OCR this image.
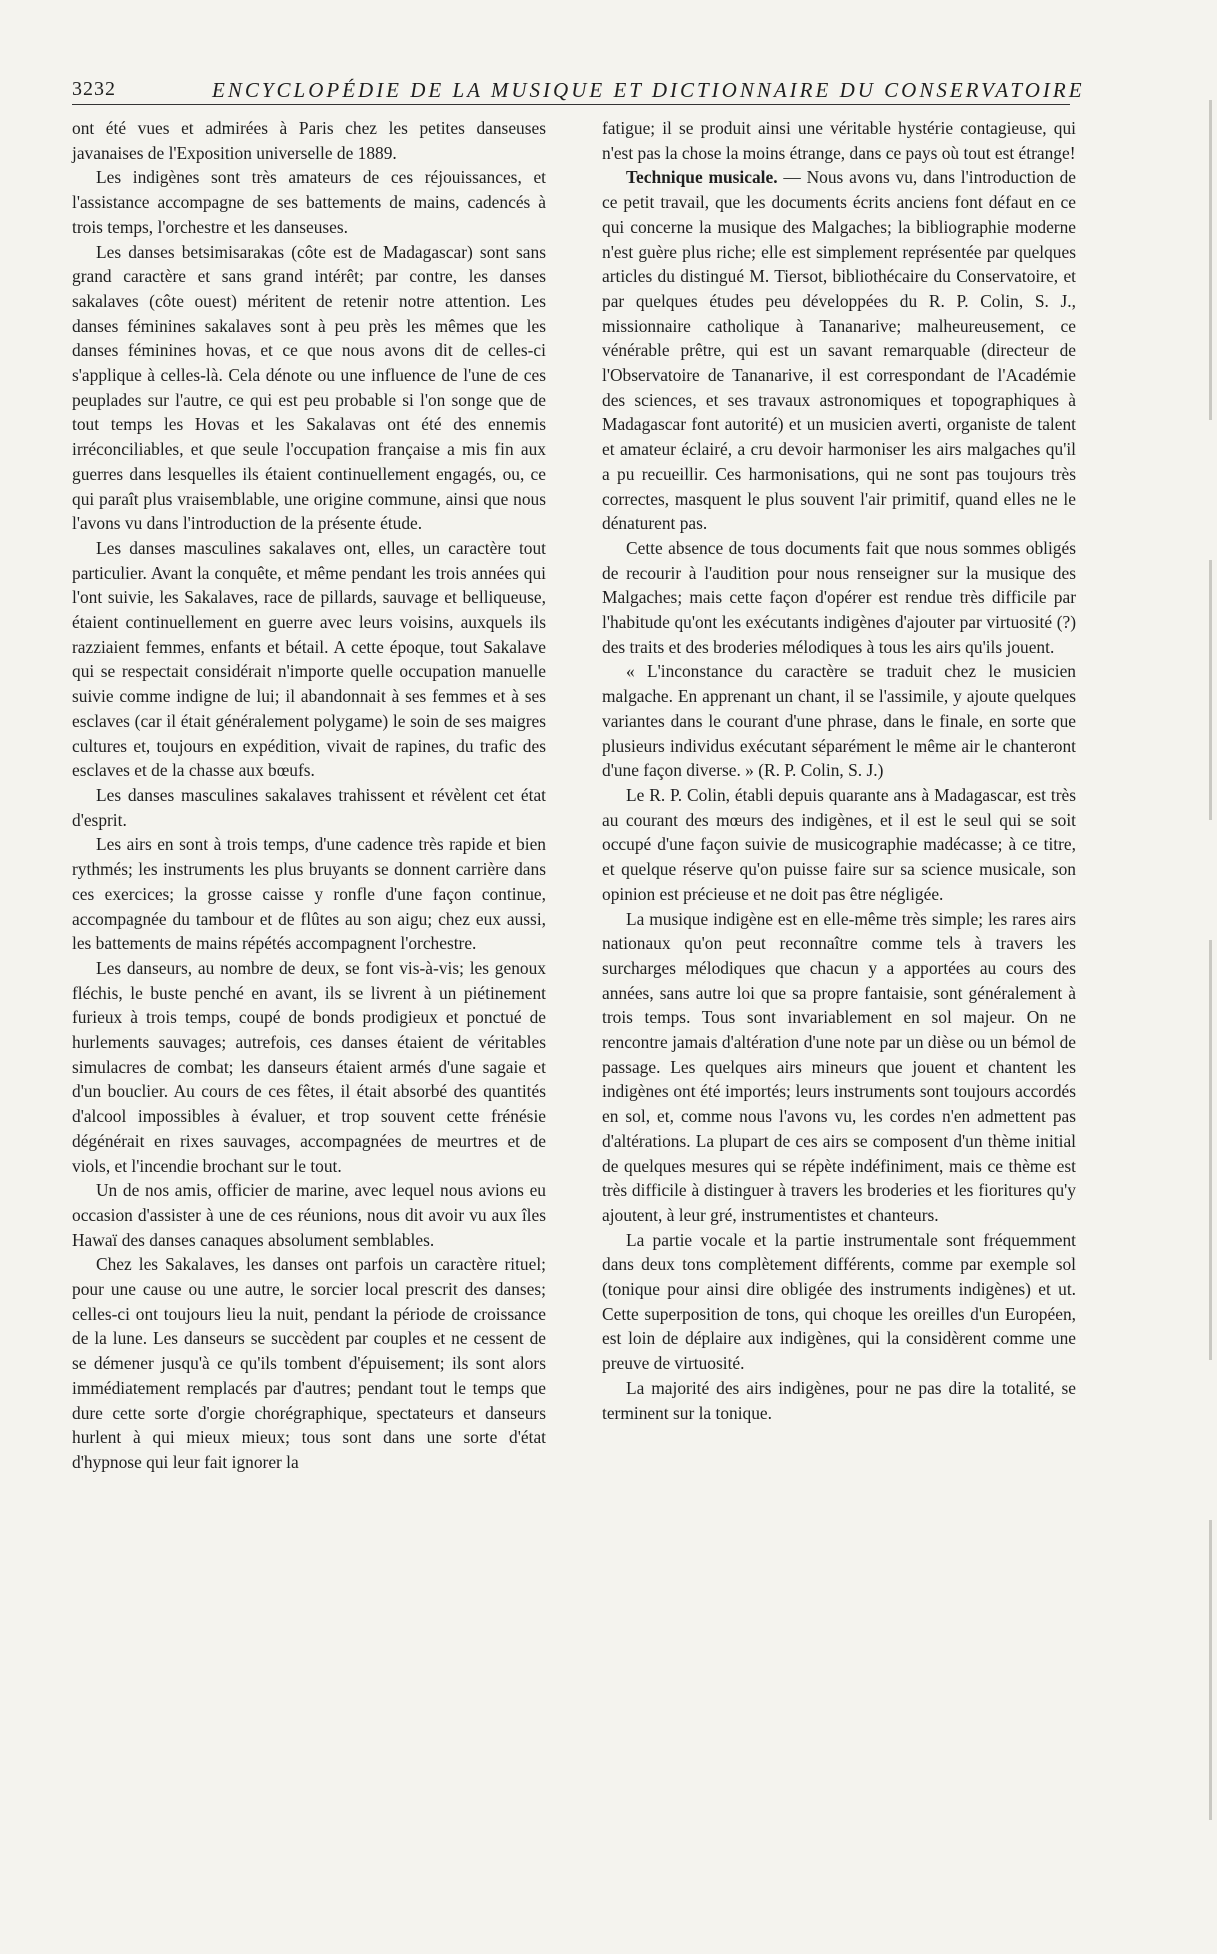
3232	ENCYCLOPÉDIE DE LA MUSIQUE ET DICTIONNAIRE DU CONSERVATOIRE

ont été vues et admirées à Paris chez les petites danseuses javanaises de l'Exposition universelle de 1889.

Les indigènes sont très amateurs de ces réjouissances, et l'assistance accompagne de ses battements de mains, cadencés à trois temps, l'orchestre et les danseuses.

Les danses betsimisarakas (côte est de Madagascar) sont sans grand caractère et sans grand intérêt; par contre, les danses sakalaves (côte ouest) méritent de retenir notre attention. Les danses féminines sakalaves sont à peu près les mêmes que les danses féminines hovas, et ce que nous avons dit de celles-ci s'applique à celles-là. Cela dénote ou une influence de l'une de ces peuplades sur l'autre, ce qui est peu probable si l'on songe que de tout temps les Hovas et les Sakalavas ont été des ennemis irréconciliables, et que seule l'occupation française a mis fin aux guerres dans lesquelles ils étaient continuellement engagés, ou, ce qui paraît plus vraisemblable, une origine commune, ainsi que nous l'avons vu dans l'introduction de la présente étude.

Les danses masculines sakalaves ont, elles, un caractère tout particulier. Avant la conquête, et même pendant les trois années qui l'ont suivie, les Sakalaves, race de pillards, sauvage et belliqueuse, étaient continuellement en guerre avec leurs voisins, auxquels ils razziaient femmes, enfants et bétail. A cette époque, tout Sakalave qui se respectait considérait n'importe quelle occupation manuelle suivie comme indigne de lui; il abandonnait à ses femmes et à ses esclaves (car il était généralement polygame) le soin de ses maigres cultures et, toujours en expédition, vivait de rapines, du trafic des esclaves et de la chasse aux bœufs.

Les danses masculines sakalaves trahissent et révèlent cet état d'esprit.

Les airs en sont à trois temps, d'une cadence très rapide et bien rythmés; les instruments les plus bruyants se donnent carrière dans ces exercices; la grosse caisse y ronfle d'une façon continue, accompagnée du tambour et de flûtes au son aigu; chez eux aussi, les battements de mains répétés accompagnent l'orchestre.

Les danseurs, au nombre de deux, se font vis-à-vis; les genoux fléchis, le buste penché en avant, ils se livrent à un piétinement furieux à trois temps, coupé de bonds prodigieux et ponctué de hurlements sauvages; autrefois, ces danses étaient de véritables simulacres de combat; les danseurs étaient armés d'une sagaie et d'un bouclier. Au cours de ces fêtes, il était absorbé des quantités d'alcool impossibles à évaluer, et trop souvent cette frénésie dégénérait en rixes sauvages, accompagnées de meurtres et de viols, et l'incendie brochant sur le tout.

Un de nos amis, officier de marine, avec lequel nous avions eu occasion d'assister à une de ces réunions, nous dit avoir vu aux îles Hawaï des danses canaques absolument semblables.

Chez les Sakalaves, les danses ont parfois un caractère rituel; pour une cause ou une autre, le sorcier local prescrit des danses; celles-ci ont toujours lieu la nuit, pendant la période de croissance de la lune. Les danseurs se succèdent par couples et ne cessent de se démener jusqu'à ce qu'ils tombent d'épuisement; ils sont alors immédiatement remplacés par d'autres; pendant tout le temps que dure cette sorte d'orgie chorégraphique, spectateurs et danseurs hurlent à qui mieux mieux; tous sont dans une sorte d'état d'hypnose qui leur fait ignorer la

fatigue; il se produit ainsi une véritable hystérie contagieuse, qui n'est pas la chose la moins étrange, dans ce pays où tout est étrange!

Technique musicale. — Nous avons vu, dans l'introduction de ce petit travail, que les documents écrits anciens font défaut en ce qui concerne la musique des Malgaches; la bibliographie moderne n'est guère plus riche; elle est simplement représentée par quelques articles du distingué M. Tiersot, bibliothécaire du Conservatoire, et par quelques études peu développées du R. P. Colin, S. J., missionnaire catholique à Tananarive; malheureusement, ce vénérable prêtre, qui est un savant remarquable (directeur de l'Observatoire de Tananarive, il est correspondant de l'Académie des sciences, et ses travaux astronomiques et topographiques à Madagascar font autorité) et un musicien averti, organiste de talent et amateur éclairé, a cru devoir harmoniser les airs malgaches qu'il a pu recueillir. Ces harmonisations, qui ne sont pas toujours très correctes, masquent le plus souvent l'air primitif, quand elles ne le dénaturent pas.

Cette absence de tous documents fait que nous sommes obligés de recourir à l'audition pour nous renseigner sur la musique des Malgaches; mais cette façon d'opérer est rendue très difficile par l'habitude qu'ont les exécutants indigènes d'ajouter par virtuosité (?) des traits et des broderies mélodiques à tous les airs qu'ils jouent.

« L'inconstance du caractère se traduit chez le musicien malgache. En apprenant un chant, il se l'assimile, y ajoute quelques variantes dans le courant d'une phrase, dans le finale, en sorte que plusieurs individus exécutant séparément le même air le chanteront d'une façon diverse. » (R. P. Colin, S. J.)

Le R. P. Colin, établi depuis quarante ans à Madagascar, est très au courant des mœurs des indigènes, et il est le seul qui se soit occupé d'une façon suivie de musicographie madécasse; à ce titre, et quelque réserve qu'on puisse faire sur sa science musicale, son opinion est précieuse et ne doit pas être négligée.

La musique indigène est en elle-même très simple; les rares airs nationaux qu'on peut reconnaître comme tels à travers les surcharges mélodiques que chacun y a apportées au cours des années, sans autre loi que sa propre fantaisie, sont généralement à trois temps. Tous sont invariablement en sol majeur. On ne rencontre jamais d'altération d'une note par un dièse ou un bémol de passage. Les quelques airs mineurs que jouent et chantent les indigènes ont été importés; leurs instruments sont toujours accordés en sol, et, comme nous l'avons vu, les cordes n'en admettent pas d'altérations. La plupart de ces airs se composent d'un thème initial de quelques mesures qui se répète indéfiniment, mais ce thème est très difficile à distinguer à travers les broderies et les fioritures qu'y ajoutent, à leur gré, instrumentistes et chanteurs.

La partie vocale et la partie instrumentale sont fréquemment dans deux tons complètement différents, comme par exemple sol (tonique pour ainsi dire obligée des instruments indigènes) et ut. Cette superposition de tons, qui choque les oreilles d'un Européen, est loin de déplaire aux indigènes, qui la considèrent comme une preuve de virtuosité.

La majorité des airs indigènes, pour ne pas dire la totalité, se terminent sur la tonique.
